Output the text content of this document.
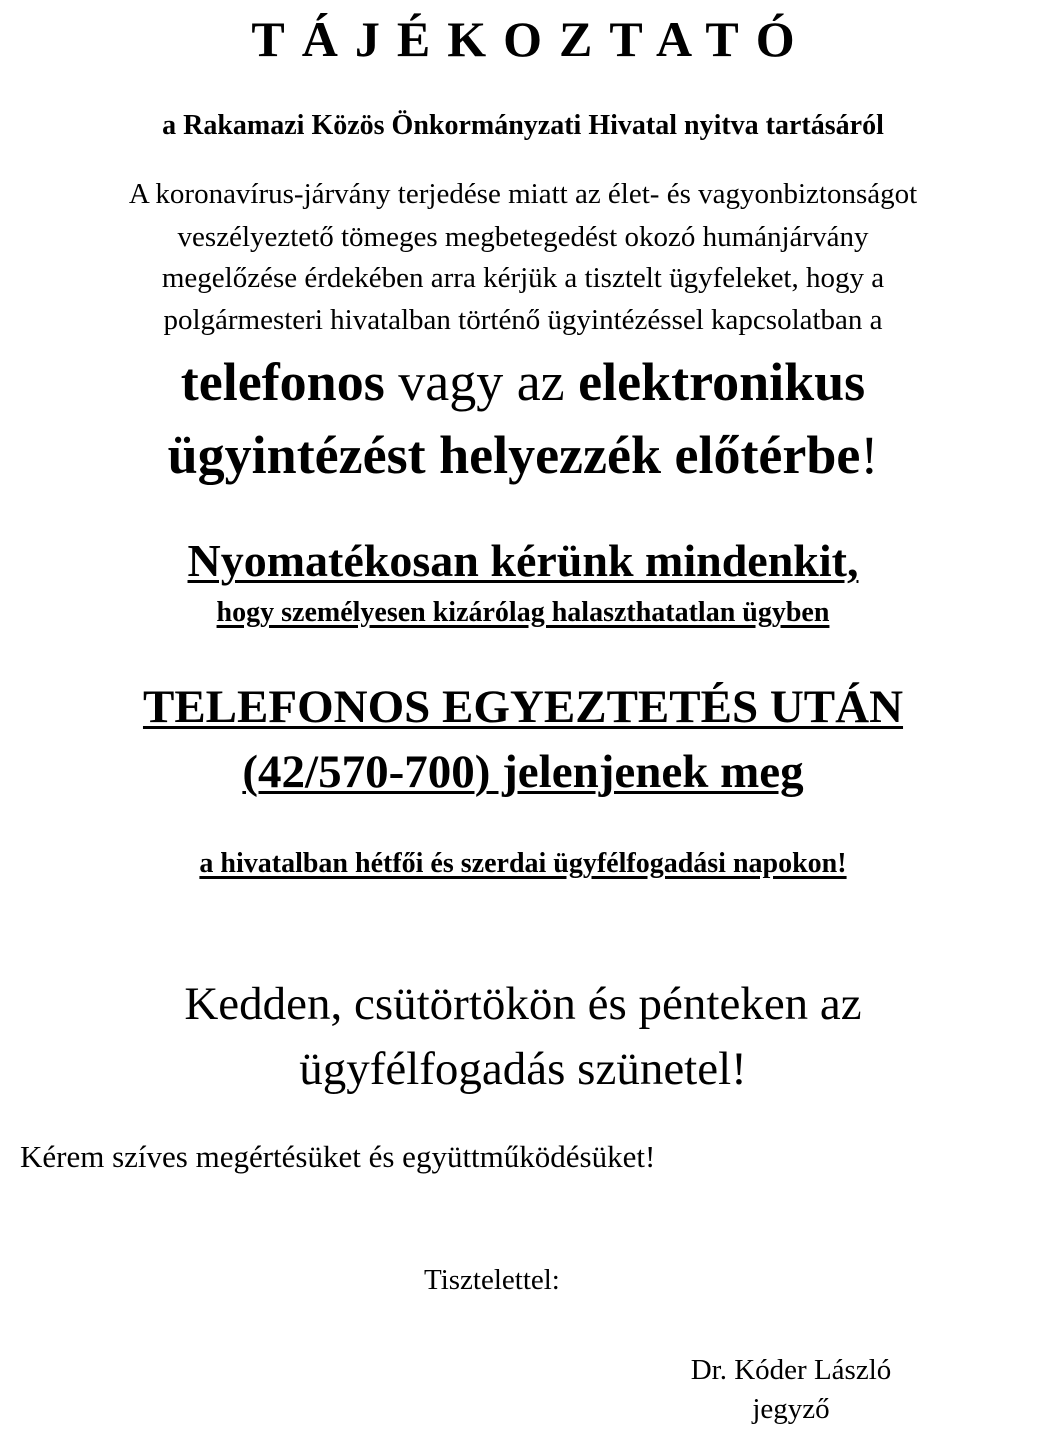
TÁJÉKOZTATÓ
a Rakamazi Közös Önkormányzati Hivatal nyitva tartásáról
A koronavírus-járvány terjedése miatt az élet- és vagyonbiztonságot
veszélyeztető tömeges megbetegedést okozó humánjárvány
megelőzése érdekében arra kérjük a tisztelt ügyfeleket, hogy a
polgármesteri hivatalban történő ügyintézéssel kapcsolatban a
telefonos vagy az elektronikus
ügyintézést helyezzék előtérbe!
Nyomatékosan kérünk mindenkit,
hogy személyesen kizárólag halaszthatatlan ügyben
TELEFONOS EGYEZTETÉS UTÁN
(42/570-700) jelenjenek meg
a hivatalban hétfői és szerdai ügyfélfogadási napokon!
Kedden, csütörtökön és pénteken az
ügyfélfogadás szünetel!
Kérem szíves megértésüket és együttműködésüket!
Tisztelettel:
Dr. Kóder László
jegyző
